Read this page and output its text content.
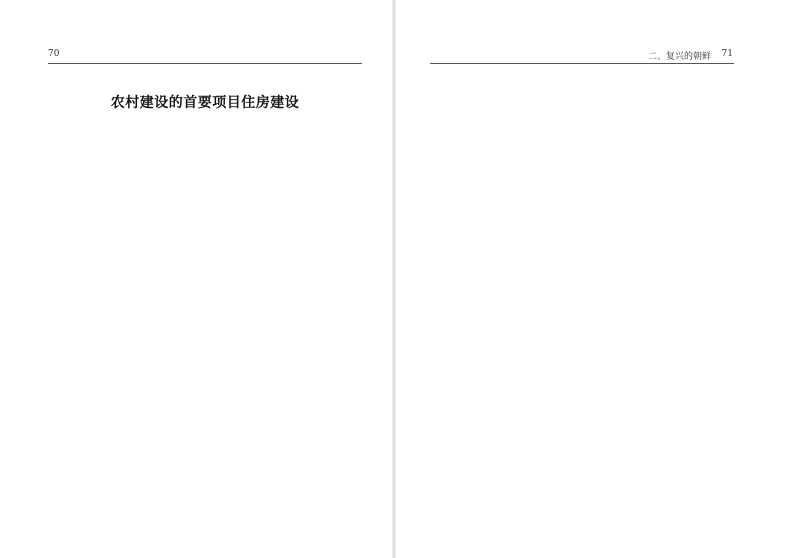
70
农村建设的首要项目住房建设

二、复兴的朝鲜 71
